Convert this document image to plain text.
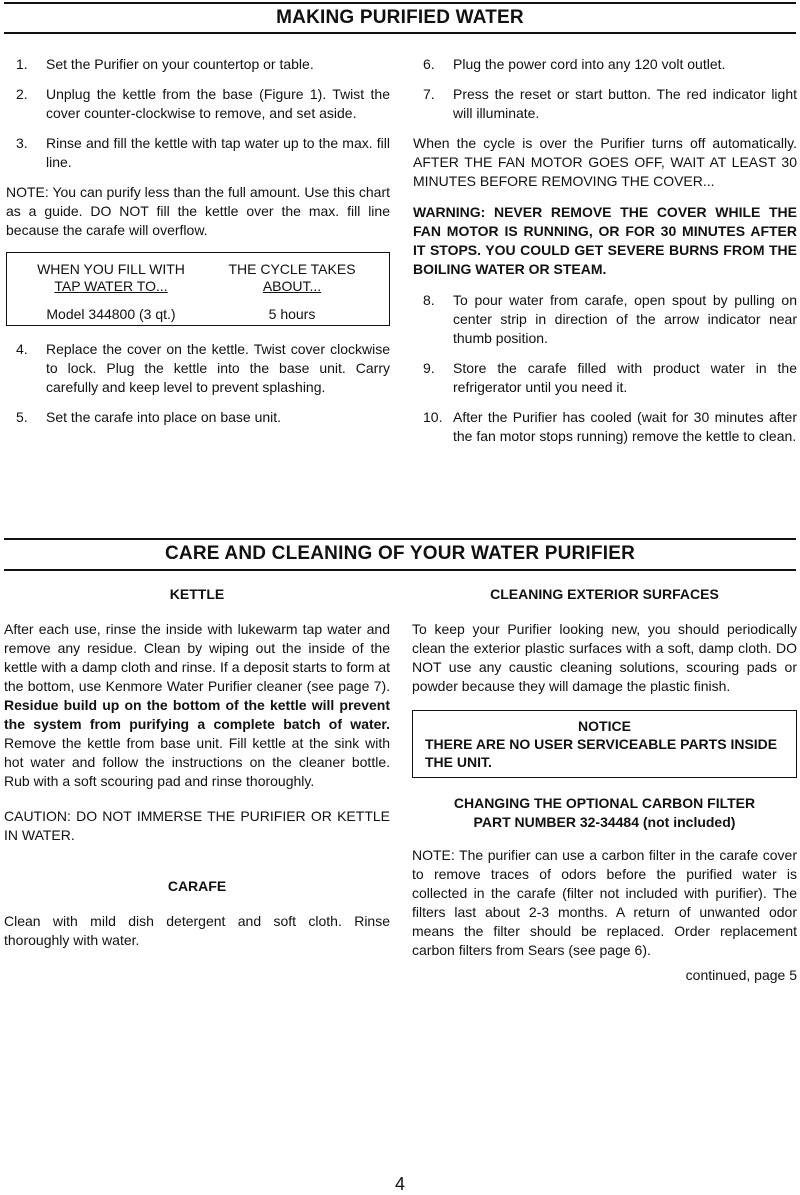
MAKING PURIFIED WATER
1.	Set the Purifier on your countertop or table.
2.	Unplug the kettle from the base (Figure 1). Twist the cover counter-clockwise to remove, and set aside.
3.	Rinse and fill the kettle with tap water up to the max. fill line.

NOTE: You can purify less than the full amount. Use this chart as a guide. DO NOT fill the kettle over the max. fill line because the carafe will overflow.

WHEN YOU FILL WITH	THE CYCLE TAKES
TAP WATER TO...	ABOUT...
Model 344800 (3 qt.)	5 hours
4.	Replace the cover on the kettle. Twist cover clockwise to lock. Plug the kettle into the base unit. Carry carefully and keep level to prevent splashing.
5.	Set the carafe into place on base unit.
6.	Plug the power cord into any 120 volt outlet.
7.	Press the reset or start button. The red indicator light will illuminate.

When the cycle is over the Purifier turns off automatically. AFTER THE FAN MOTOR GOES OFF, WAIT AT LEAST 30 MINUTES BEFORE REMOVING THE COVER...

WARNING: NEVER REMOVE THE COVER WHILE THE FAN MOTOR IS RUNNING, OR FOR 30 MINUTES AFTER IT STOPS. YOU COULD GET SEVERE BURNS FROM THE BOILING WATER OR STEAM.

8.	To pour water from carafe, open spout by pulling on center strip in direction of the arrow indicator near thumb position.
9.	Store the carafe filled with product water in the refrigerator until you need it.
10. After the Purifier has cooled (wait for 30 minutes after the fan motor stops running) remove the kettle to clean.
CARE AND CLEANING OF YOUR WATER PURIFIER

KETTLE

After each use, rinse the inside with lukewarm tap water and remove any residue. Clean by wiping out the inside of the kettle with a damp cloth and rinse. If a deposit starts to form at the bottom, use Kenmore Water Purifier cleaner (see page 7). Residue build up on the bottom of the kettle will prevent the system from purifying a complete batch of water. Remove the kettle from base unit. Fill kettle at the sink with hot water and follow the instructions on the cleaner bottle. Rub with a soft scouring pad and rinse thoroughly.

CAUTION: DO NOT IMMERSE THE PURIFIER OR KETTLE IN WATER.

CARAFE

Clean with mild dish detergent and soft cloth. Rinse thoroughly with water.

CLEANING EXTERIOR SURFACES

To keep your Purifier looking new, you should periodically clean the exterior plastic surfaces with a soft, damp cloth. DO NOT use any caustic cleaning solutions, scouring pads or powder because they will damage the plastic finish.

NOTICE
THERE ARE NO USER SERVICEABLE PARTS INSIDE THE UNIT.

CHANGING THE OPTIONAL CARBON FILTER

PART NUMBER 32-34484 (not included)

NOTE: The purifier can use a carbon filter in the carafe cover to remove traces of odors before the purified water is collected in the carafe (filter not included with purifier). The filters last about 2-3 months. A return of unwanted odor means the filter should be replaced. Order replacement carbon filters from Sears (see page 6).

continued, page 5

4
